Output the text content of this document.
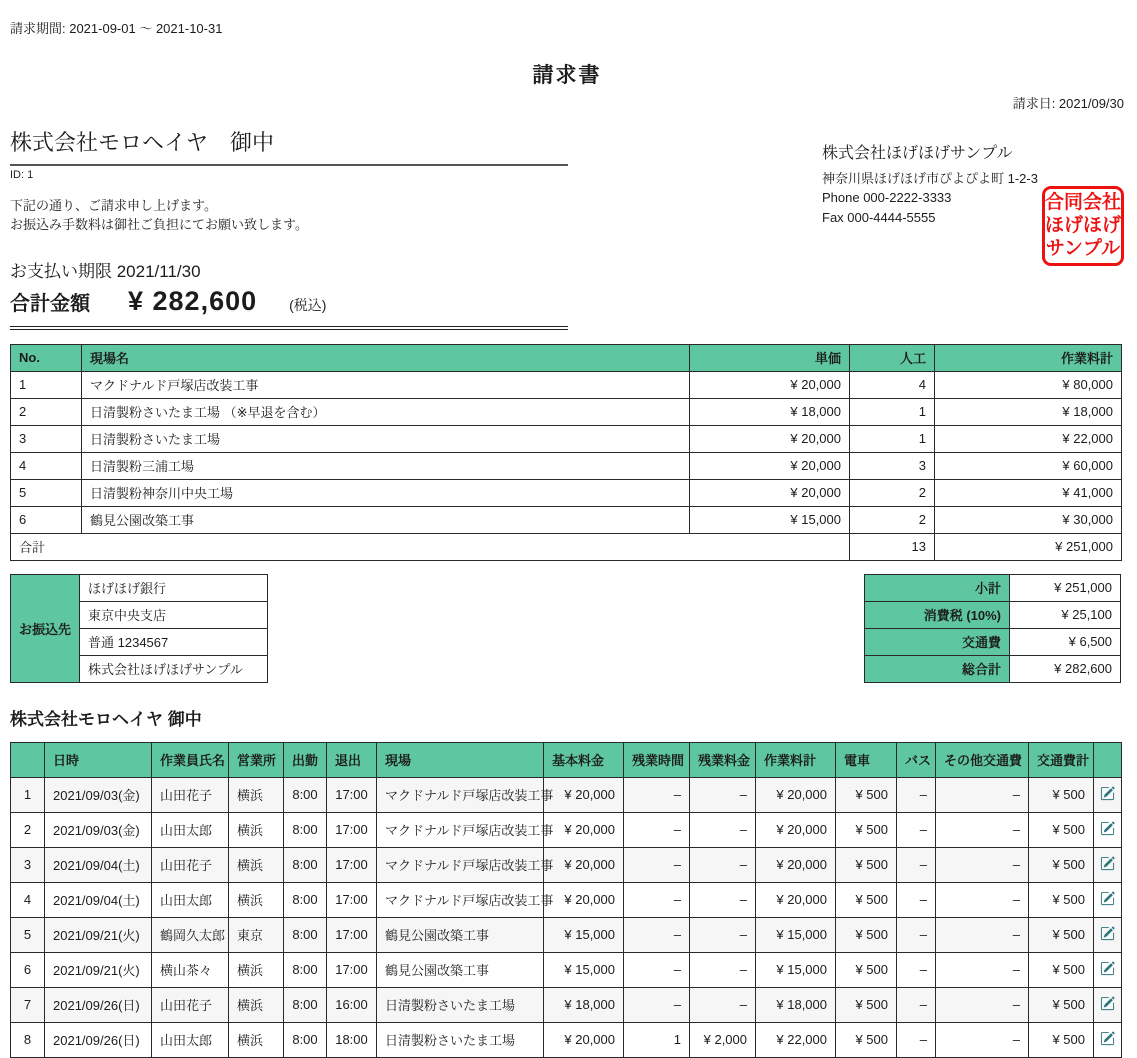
請求期間: 2021-09-01 ～ 2021-10-31
請求書
請求日: 2021/09/30
株式会社モロヘイヤ　御中
ID: 1
下記の通り、ご請求申し上げます。
お振込み手数料は御社ご負担にてお願い致します。
お支払い期限 2021/11/30
合計金額 ¥ 282,600 (税込)
株式会社ほげほげサンプル
神奈川県ほげほげ市ぴよぴよ町 1-2-3
Phone 000-2222-3333
Fax 000-4444-5555
合同会社
ほげほげ
サンプル
No.	現場名	単価	人工	作業料計
1	マクドナルド戸塚店改装工事	¥ 20,000	4	¥ 80,000
2	日清製粉さいたま工場 （※早退を含む）	¥ 18,000	1	¥ 18,000
3	日清製粉さいたま工場	¥ 20,000	1	¥ 22,000
4	日清製粉三浦工場	¥ 20,000	3	¥ 60,000
5	日清製粉神奈川中央工場	¥ 20,000	2	¥ 41,000
6	鶴見公園改築工事	¥ 15,000	2	¥ 30,000
合計			13	¥ 251,000
お振込先	ほげほげ銀行
東京中央支店
普通 1234567
株式会社ほげほげサンプル
小計	¥ 251,000
消費税 (10%)	¥ 25,100
交通費	¥ 6,500
総合計	¥ 282,600
株式会社モロヘイヤ 御中
	日時	作業員氏名	営業所	出勤	退出	現場	基本料金	残業時間	残業料金	作業料計	電車	バス	その他交通費	交通費計	
1	2021/09/03(金)	山田花子	横浜	8:00	17:00	マクドナルド戸塚店改装工事	¥ 20,000	–	–	¥ 20,000	¥ 500	–	–	¥ 500	
2	2021/09/03(金)	山田太郎	横浜	8:00	17:00	マクドナルド戸塚店改装工事	¥ 20,000	–	–	¥ 20,000	¥ 500	–	–	¥ 500	
3	2021/09/04(土)	山田花子	横浜	8:00	17:00	マクドナルド戸塚店改装工事	¥ 20,000	–	–	¥ 20,000	¥ 500	–	–	¥ 500	
4	2021/09/04(土)	山田太郎	横浜	8:00	17:00	マクドナルド戸塚店改装工事	¥ 20,000	–	–	¥ 20,000	¥ 500	–	–	¥ 500	
5	2021/09/21(火)	鶴岡久太郎	東京	8:00	17:00	鶴見公園改築工事	¥ 15,000	–	–	¥ 15,000	¥ 500	–	–	¥ 500	
6	2021/09/21(火)	横山茶々	横浜	8:00	17:00	鶴見公園改築工事	¥ 15,000	–	–	¥ 15,000	¥ 500	–	–	¥ 500	
7	2021/09/26(日)	山田花子	横浜	8:00	16:00	日清製粉さいたま工場	¥ 18,000	–	–	¥ 18,000	¥ 500	–	–	¥ 500	
8	2021/09/26(日)	山田太郎	横浜	8:00	18:00	日清製粉さいたま工場	¥ 20,000	1	¥ 2,000	¥ 22,000	¥ 500	–	–	¥ 500	
